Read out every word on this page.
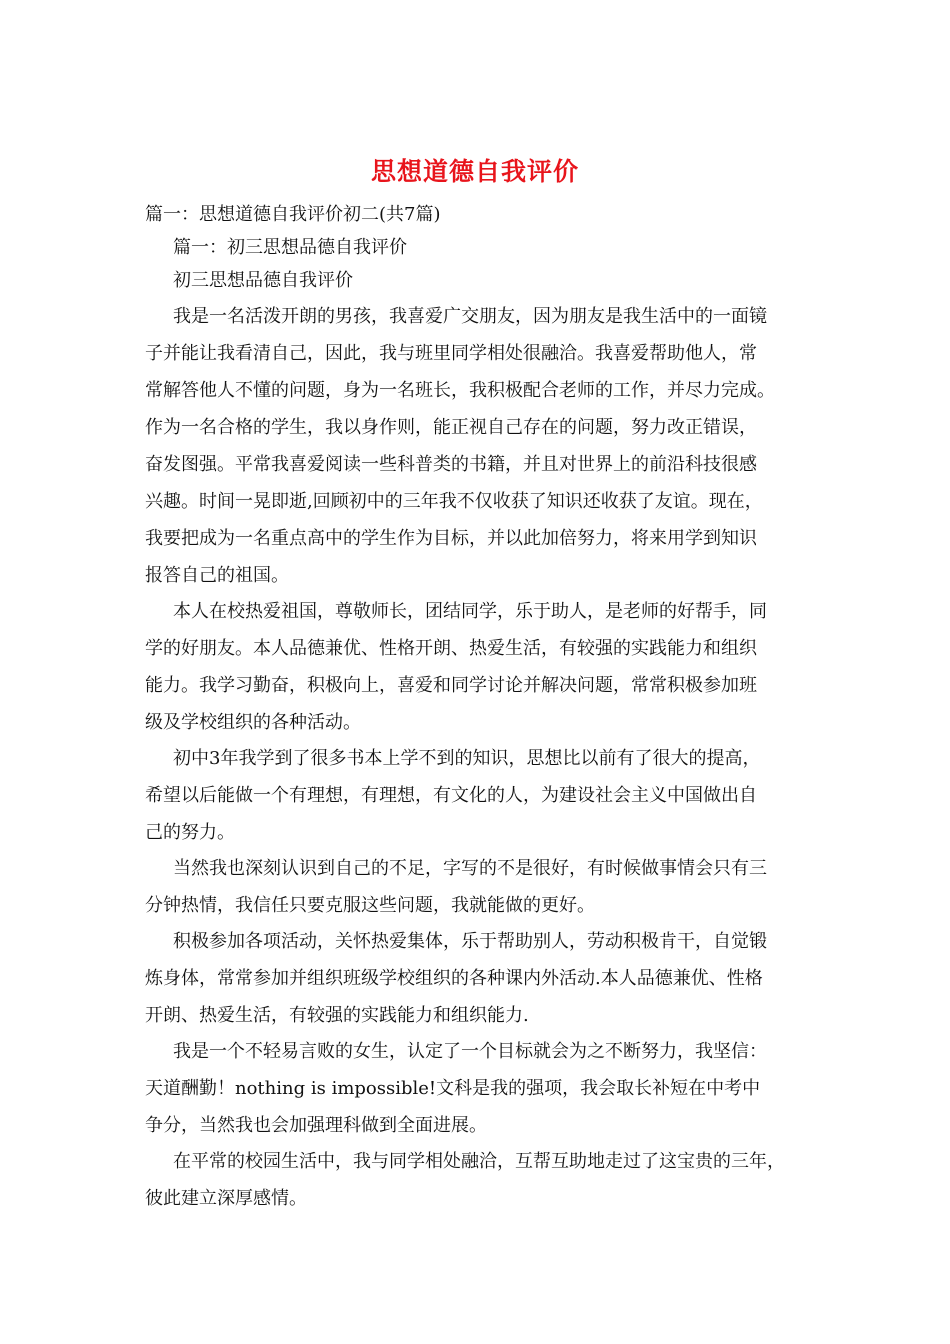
思想道德自我评价
篇一：思想道德自我评价初二(共7篇)
篇一：初三思想品德自我评价
初三思想品德自我评价
我是一名活泼开朗的男孩，我喜爱广交朋友，因为朋友是我生活中的一面镜
子并能让我看清自己，因此，我与班里同学相处很融洽。我喜爱帮助他人，常
常解答他人不懂的问题，身为一名班长，我积极配合老师的工作，并尽力完成。
作为一名合格的学生，我以身作则，能正视自己存在的问题，努力改正错误，
奋发图强。平常我喜爱阅读一些科普类的书籍，并且对世界上的前沿科技很感
兴趣。时间一晃即逝,回顾初中的三年我不仅收获了知识还收获了友谊。现在，
我要把成为一名重点高中的学生作为目标，并以此加倍努力，将来用学到知识
报答自己的祖国。
本人在校热爱祖国，尊敬师长，团结同学，乐于助人，是老师的好帮手，同
学的好朋友。本人品德兼优、性格开朗、热爱生活，有较强的实践能力和组织
能力。我学习勤奋，积极向上，喜爱和同学讨论并解决问题，常常积极参加班
级及学校组织的各种活动。
初中3年我学到了很多书本上学不到的知识，思想比以前有了很大的提高，
希望以后能做一个有理想，有理想，有文化的人，为建设社会主义中国做出自
己的努力。
当然我也深刻认识到自己的不足，字写的不是很好，有时候做事情会只有三
分钟热情，我信任只要克服这些问题，我就能做的更好。
积极参加各项活动，关怀热爱集体，乐于帮助别人，劳动积极肯干，自觉锻
炼身体，常常参加并组织班级学校组织的各种课内外活动.本人品德兼优、性格
开朗、热爱生活，有较强的实践能力和组织能力.
我是一个不轻易言败的女生，认定了一个目标就会为之不断努力，我坚信：
天道酬勤！nothing is impossible!文科是我的强项，我会取长补短在中考中
争分，当然我也会加强理科做到全面进展。
在平常的校园生活中，我与同学相处融洽，互帮互助地走过了这宝贵的三年，
彼此建立深厚感情。
